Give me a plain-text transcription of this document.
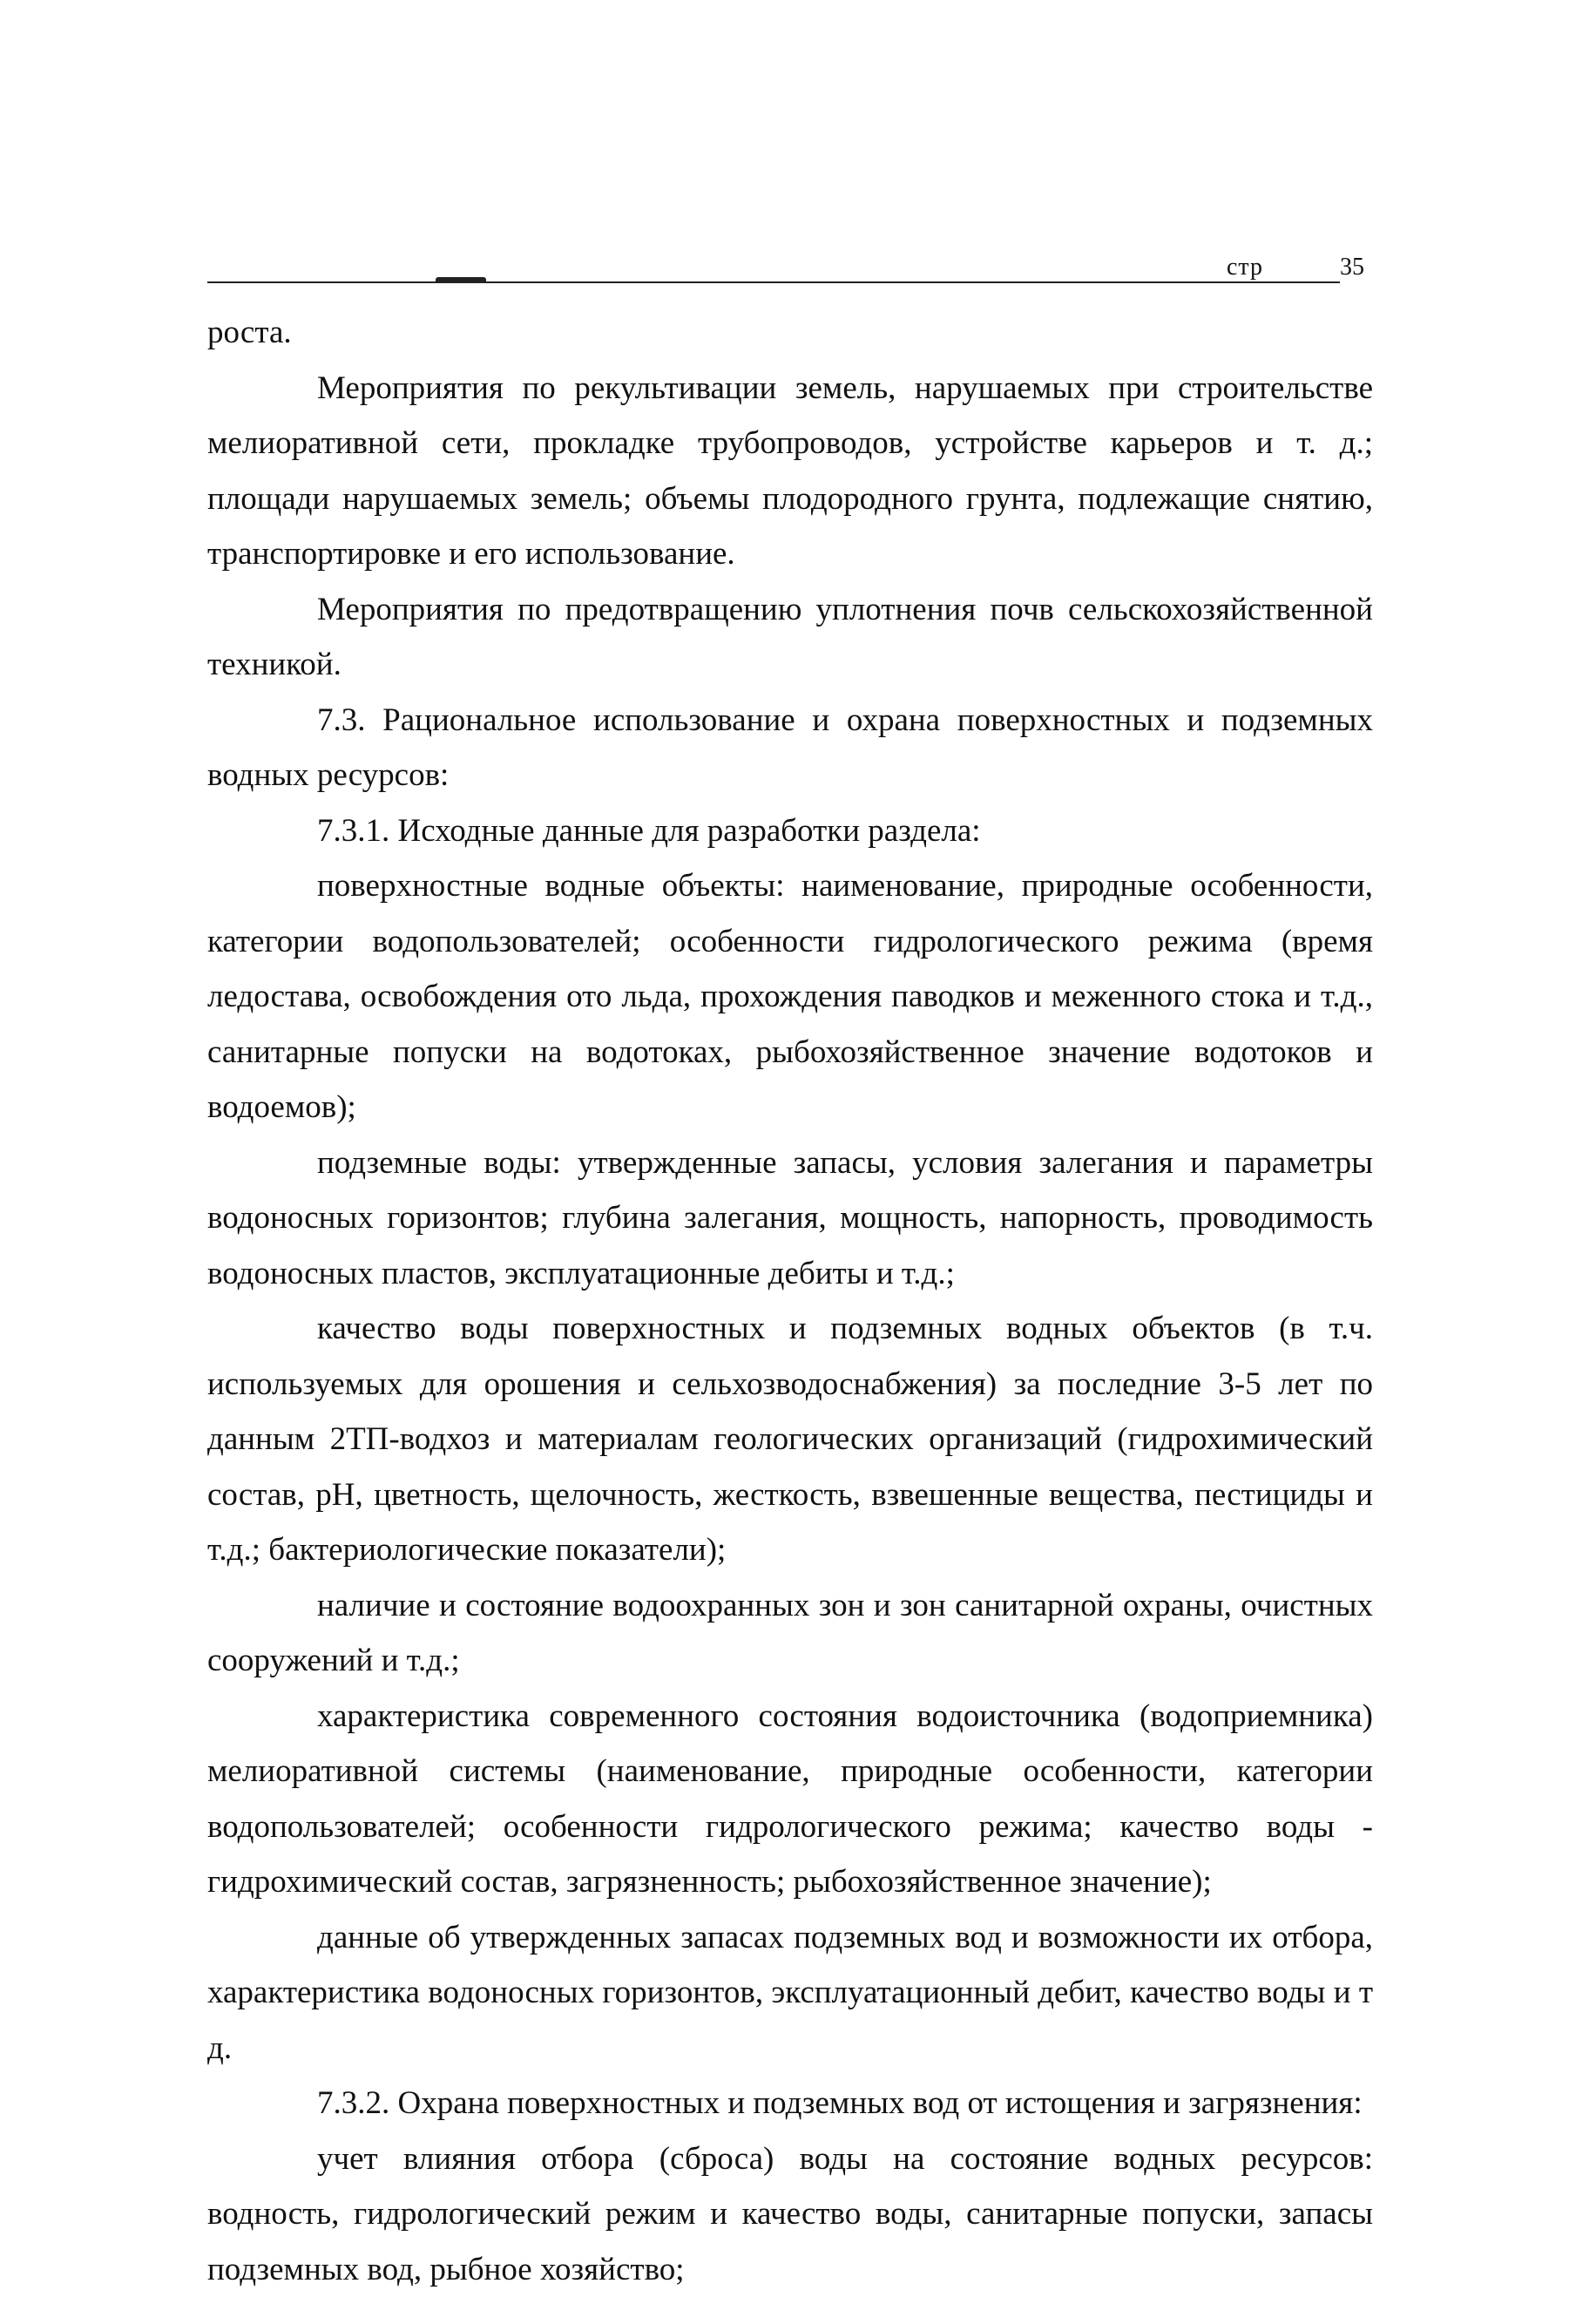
стр	35

роста.

Мероприятия по рекультивации земель, нарушаемых при строительстве мелиоративной сети, прокладке трубопроводов, устройстве карьеров и т. д.; площади нарушаемых земель; объемы плодородного грунта, подлежащие снятию, транспортировке и его использование.

Мероприятия по предотвращению уплотнения почв сельскохозяйственной техникой.

7.3. Рациональное использование и охрана поверхностных и подземных водных ресурсов:

7.3.1. Исходные данные для разработки раздела:

поверхностные водные объекты: наименование, природные особенности, категории водопользователей; особенности гидрологического режима (время ледостава, освобождения ото льда, прохождения паводков и меженного стока и т.д., санитарные попуски на водотоках, рыбохозяйственное значение водотоков и водоемов);

подземные воды: утвержденные запасы, условия залегания и параметры водоносных горизонтов; глубина залегания, мощность, напорность, проводимость водоносных пластов, эксплуатационные дебиты и т.д.;

качество воды поверхностных и подземных водных объектов (в т.ч. используемых для орошения и сельхозводоснабжения) за последние 3-5 лет по данным 2ТП-водхоз и материалам геологических организаций (гидрохимический состав, pH, цветность, щелочность, жесткость, взвешенные вещества, пестициды и т.д.; бактериологические показатели);

наличие и состояние водоохранных зон и зон санитарной охраны, очистных сооружений и т.д.;

характеристика современного состояния водоисточника (водоприемника) мелиоративной системы (наименование, природные особенности, категории водопользователей; особенности гидрологического режима; качество воды - гидрохимический состав, загрязненность; рыбохозяйственное значение);

данные об утвержденных запасах подземных вод и возможности их отбора, характеристика водоносных горизонтов, эксплуатационный дебит, качество воды и т д.

7.3.2. Охрана поверхностных и подземных вод от истощения и загрязнения:

учет влияния отбора (сброса) воды на состояние водных ресурсов: водность, гидрологический режим и качество воды, санитарные попуски, запасы подземных вод, рыбное хозяйство;
